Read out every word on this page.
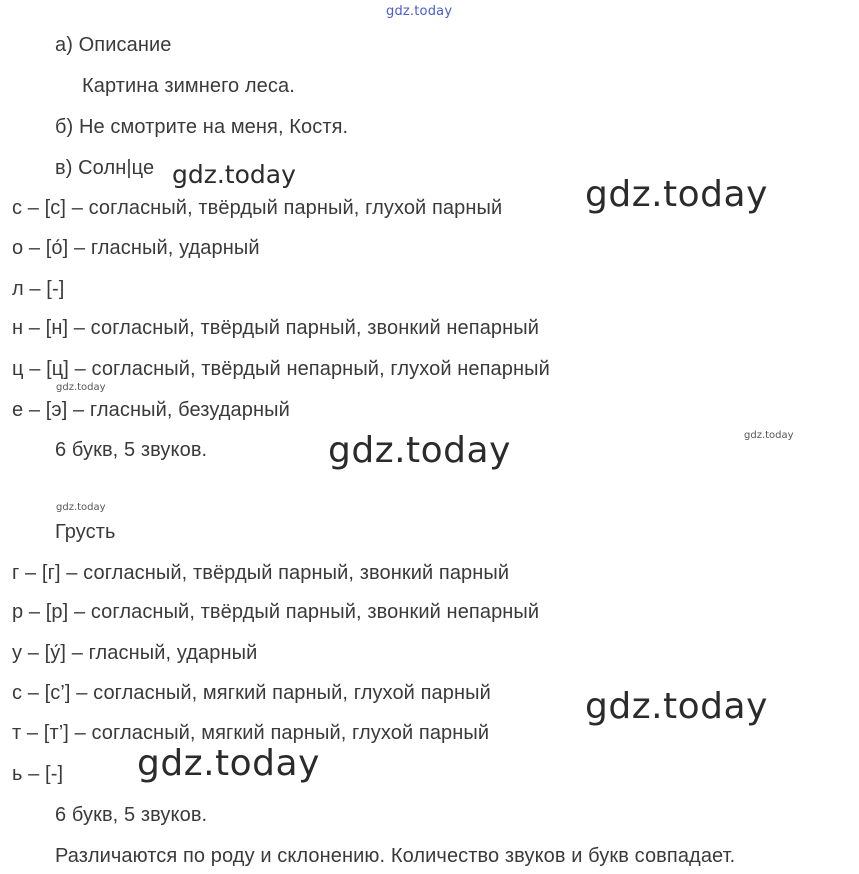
gdz.today
gdz.today	gdz.today
gdz.today
gdz.today
gdz.today
gdz.today
gdz.today
gdz.today
а) Описание
Картина зимнего леса.
б) Не смотрите на меня, Костя.
в) Солн|це
с – [с] – согласный, твёрдый парный, глухой парный
о – [о́] – гласный, ударный
л – [-]
н – [н] – согласный, твёрдый парный, звонкий непарный
ц – [ц] – согласный, твёрдый непарный, глухой непарный
е – [э] – гласный, безударный
6 букв, 5 звуков.
Грусть
г – [г] – согласный, твёрдый парный, звонкий парный
р – [р] – согласный, твёрдый парный, звонкий непарный
у – [у́] – гласный, ударный
с – [с’] – согласный, мягкий парный, глухой парный
т – [т’] – согласный, мягкий парный, глухой парный
ь – [-]
6 букв, 5 звуков.
Различаются по роду и склонению. Количество звуков и букв совпадает.
